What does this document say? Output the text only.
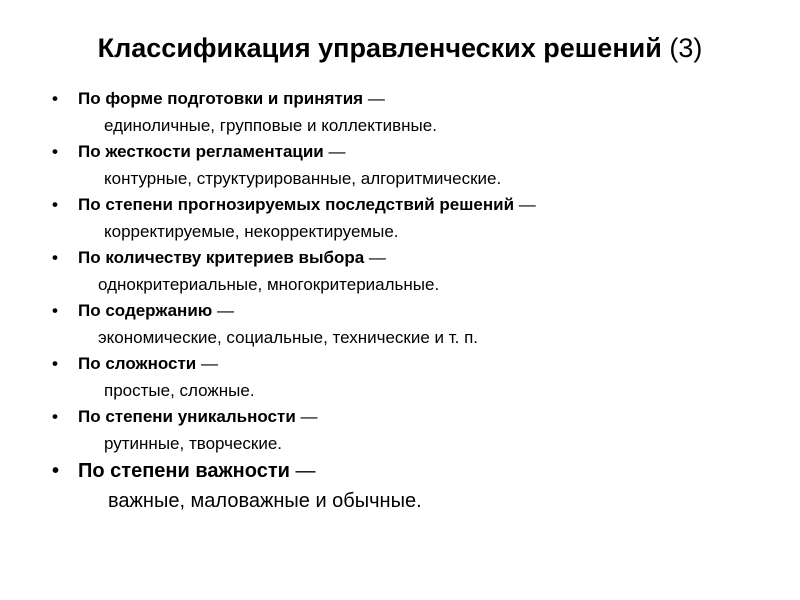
Классификация управленческих решений (3)
•	По форме подготовки и принятия —
единоличные, групповые и коллективные.
•	По жесткости регламентации —
контурные, структурированные, алгоритмические.
•	По степени прогнозируемых последствий решений —
корректируемые, некорректируемые.
•	По количеству критериев выбора —
однокритериальные, многокритериальные.
•	По содержанию —
экономические, социальные, технические и т. п.
•	По сложности —
простые, сложные.
•	По степени уникальности —
рутинные, творческие.
• По степени важности —
важные, маловажные и обычные.
